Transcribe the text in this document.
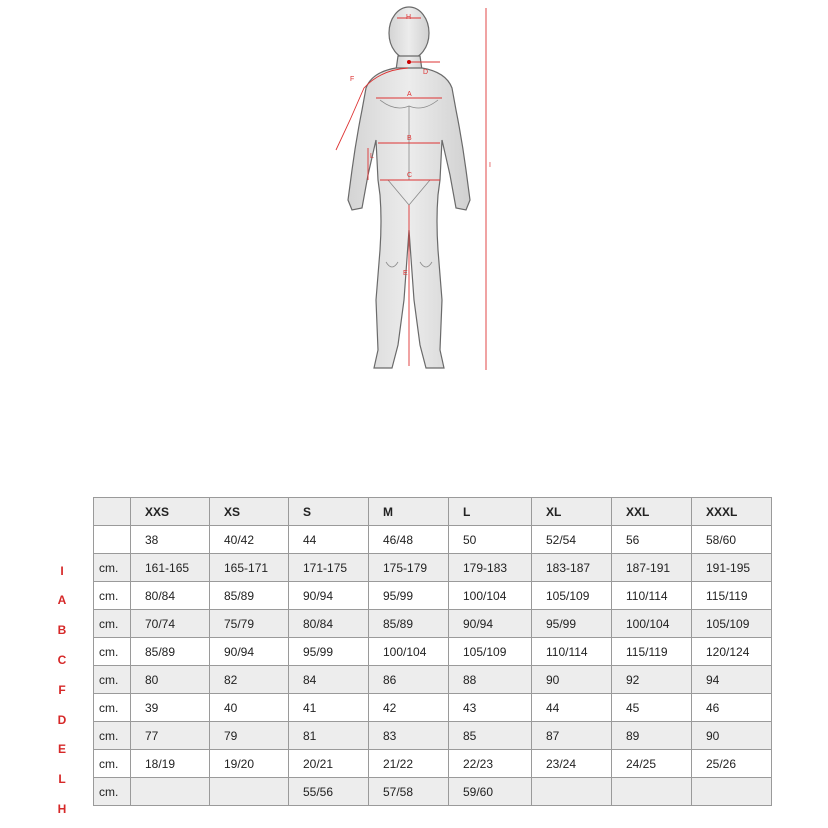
H
D
F
A
B
L
C
I
E
I
A
B
C
F
D
E
L
H
	XXS	XS	S	M	L	XL	XXL	XXXL
	38	40/42	44	46/48	50	52/54	56	58/60
cm.	161-165	165-171	171-175	175-179	179-183	183-187	187-191	191-195
cm.	80/84	85/89	90/94	95/99	100/104	105/109	110/114	115/119
cm.	70/74	75/79	80/84	85/89	90/94	95/99	100/104	105/109
cm.	85/89	90/94	95/99	100/104	105/109	110/114	115/119	120/124
cm.	80	82	84	86	88	90	92	94
cm.	39	40	41	42	43	44	45	46
cm.	77	79	81	83	85	87	89	90
cm.	18/19	19/20	20/21	21/22	22/23	23/24	24/25	25/26
cm.			55/56	57/58	59/60			
